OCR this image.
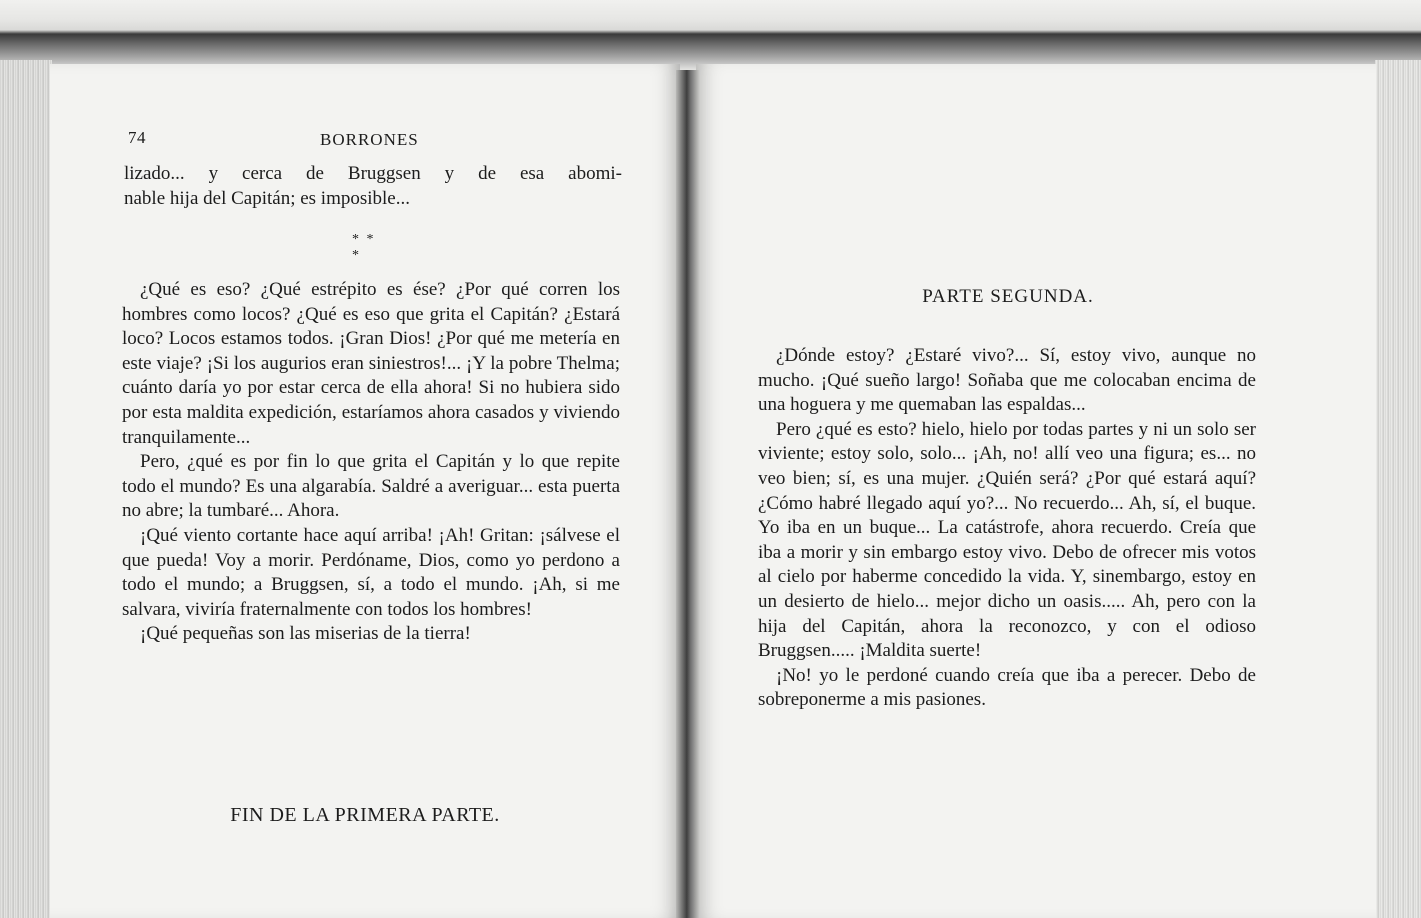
74	BORRONES

lizado... y cerca de Bruggsen y de esa abomi-

nable hija del Capitán; es imposible...

* * *

¿Qué es eso? ¿Qué estrépito es ése? ¿Por qué corren los hombres como locos? ¿Qué es eso que grita el Capitán? ¿Estará loco? Locos estamos todos. ¡Gran Dios! ¿Por qué me metería en este viaje? ¡Si los augurios eran siniestros!... ¡Y la pobre Thelma; cuánto daría yo por estar cerca de ella ahora! Si no hubiera sido por esta maldita expedición, estaríamos ahora casados y viviendo tranquilamente...

Pero, ¿qué es por fin lo que grita el Capitán y lo que repite todo el mundo? Es una algarabía. Saldré a averiguar... esta puerta no abre; la tumbaré... Ahora.

¡Qué viento cortante hace aquí arriba! ¡Ah! Gritan: ¡sálvese el que pueda! Voy a morir. Perdóname, Dios, como yo perdono a todo el mundo; a Bruggsen, sí, a todo el mundo. ¡Ah, si me salvara, viviría fraternalmente con todos los hombres!

¡Qué pequeñas son las miserias de la tierra!

FIN DE LA PRIMERA PARTE.
PARTE SEGUNDA.

¿Dónde estoy? ¿Estaré vivo?... Sí, estoy vivo, aunque no mucho. ¡Qué sueño largo! Soñaba que me colocaban encima de una hoguera y me quemaban las espaldas...

Pero ¿qué es esto? hielo, hielo por todas partes y ni un solo ser viviente; estoy solo, solo... ¡Ah, no! allí veo una figura; es... no veo bien; sí, es una mujer. ¿Quién será? ¿Por qué estará aquí? ¿Cómo habré llegado aquí yo?... No recuerdo... Ah, sí, el buque. Yo iba en un buque... La catástrofe, ahora recuerdo. Creía que iba a morir y sin embargo estoy vivo. Debo de ofrecer mis votos al cielo por haberme concedido la vida. Y, sinembargo, estoy en un desierto de hielo... mejor dicho un oasis..... Ah, pero con la hija del Capitán, ahora la reconozco, y con el odioso Bruggsen..... ¡Maldita suerte!

¡No! yo le perdoné cuando creía que iba a perecer. Debo de sobreponerme a mis pasiones.
